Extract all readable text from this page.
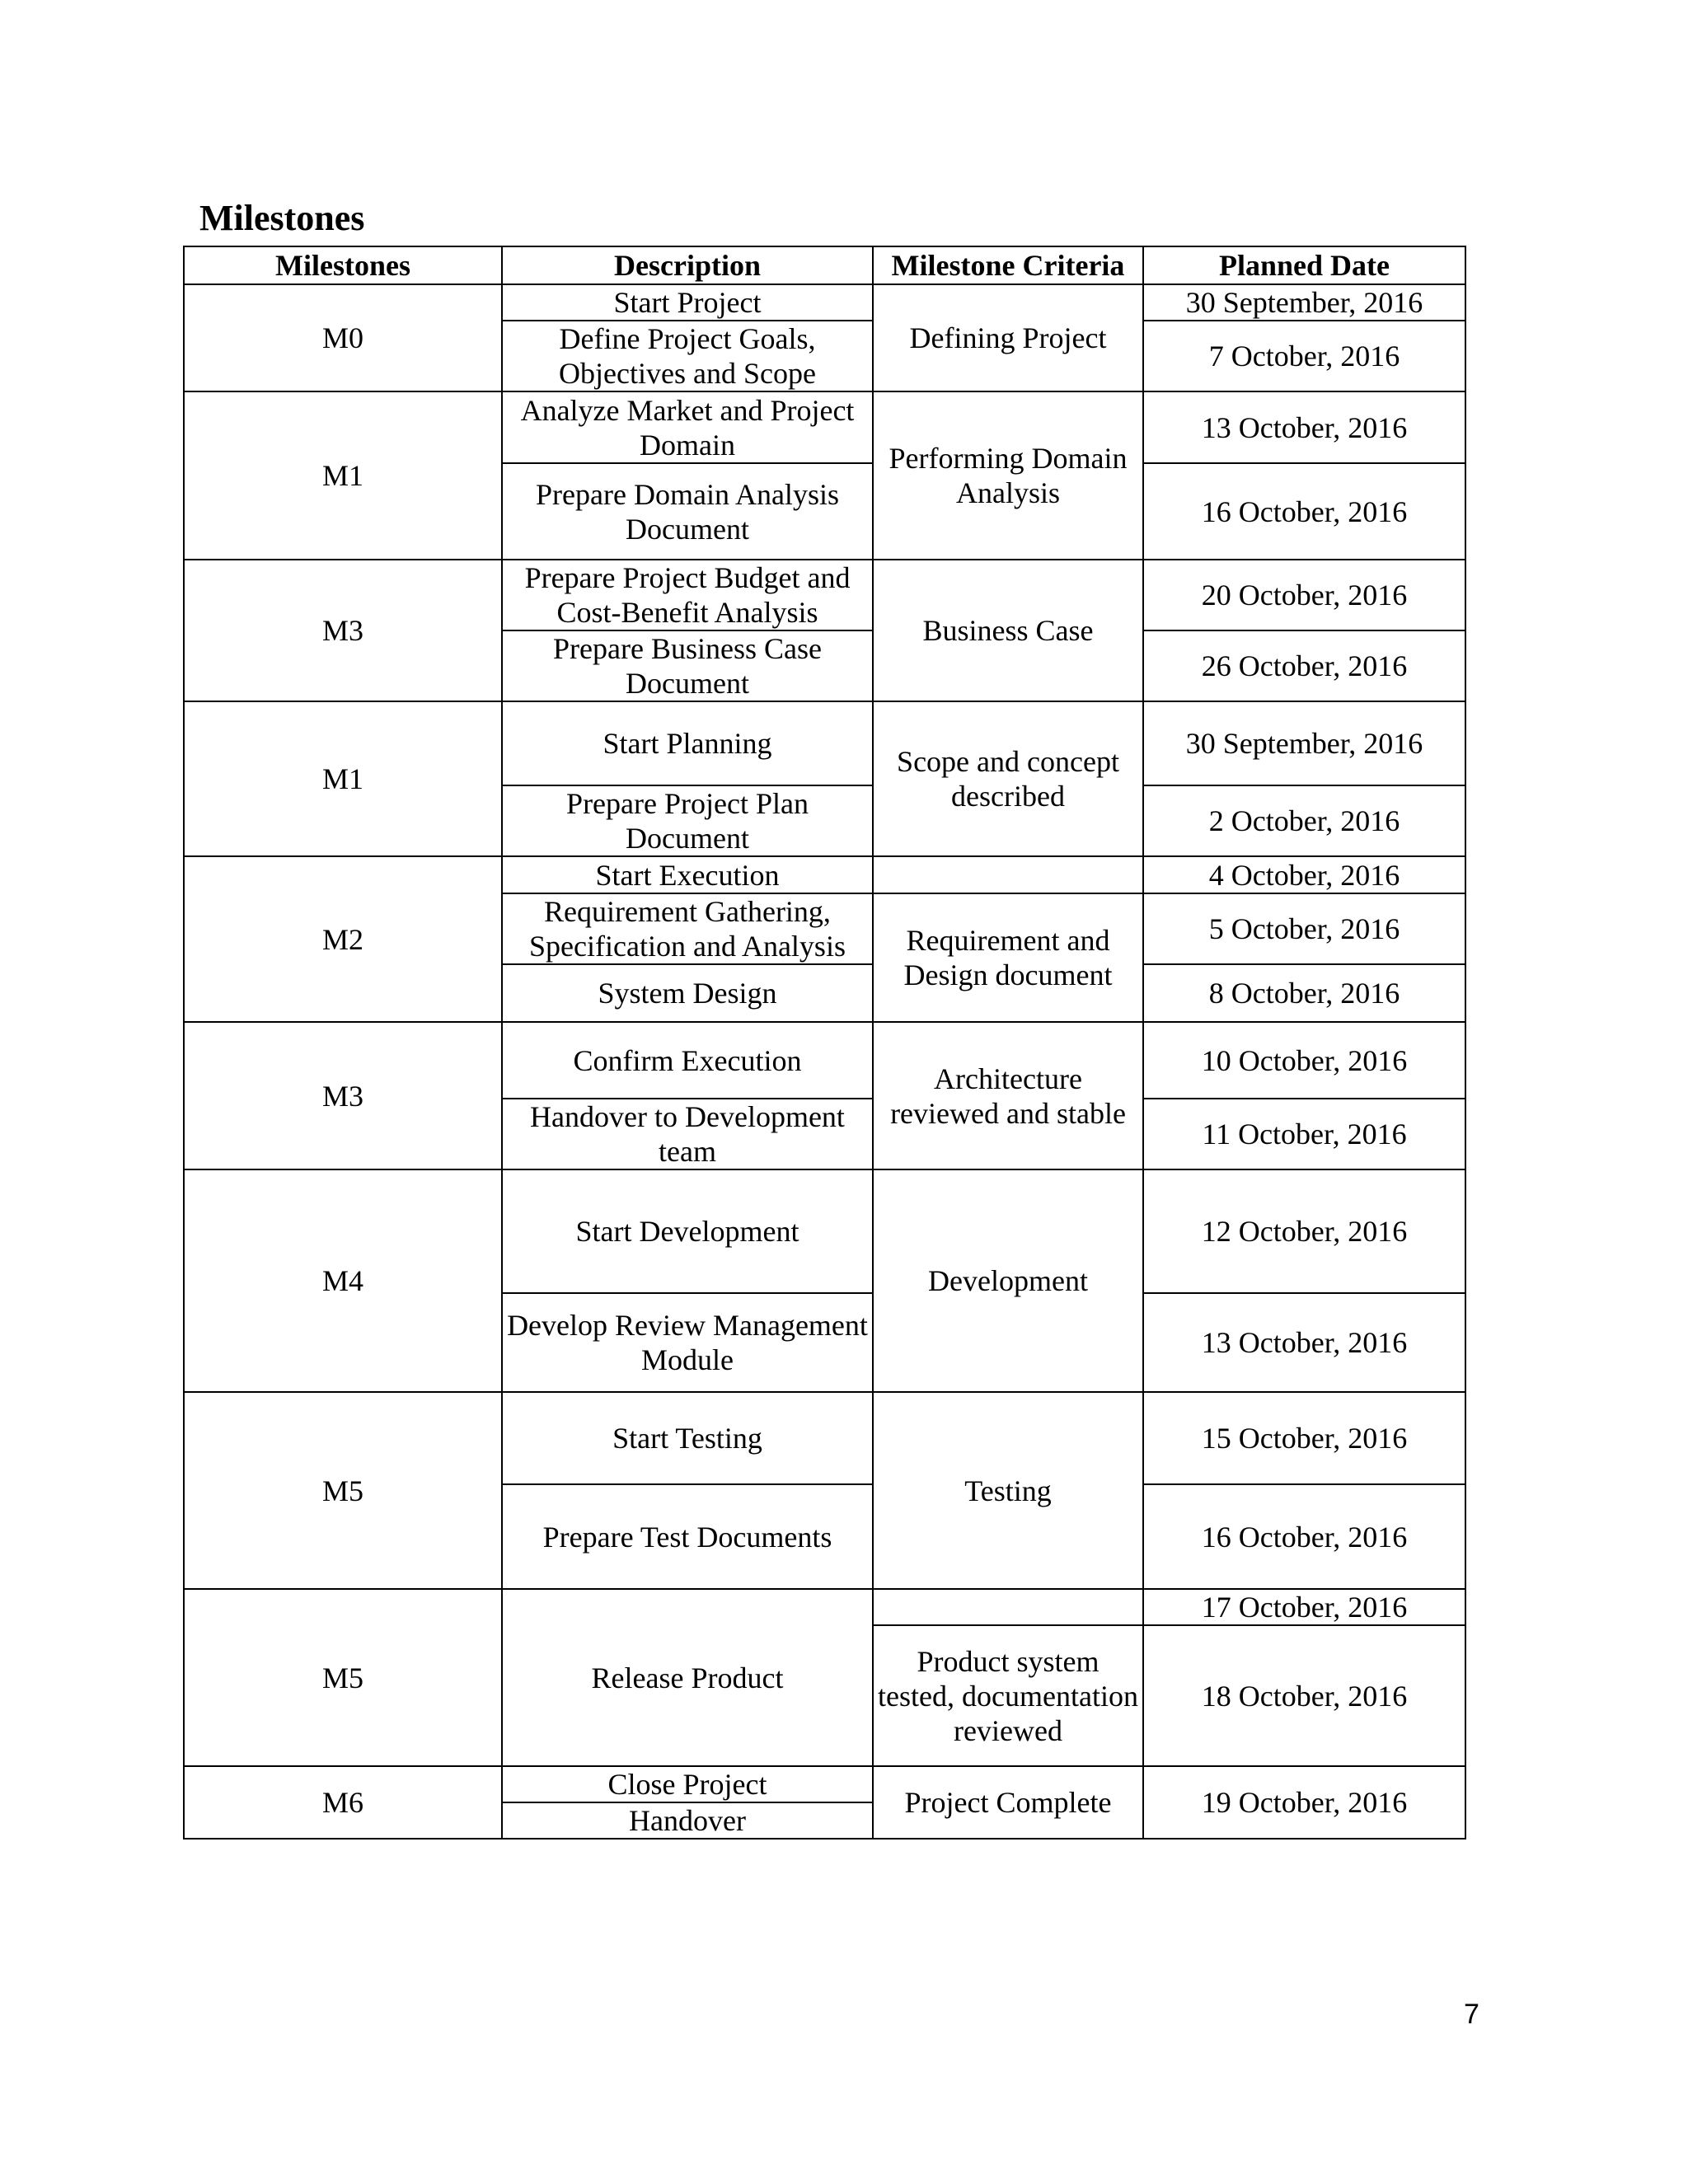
Milestones
Milestones	Description	Milestone Criteria	Planned Date
M0	Start Project	Defining Project	30 September, 2016
	Define Project Goals, Objectives and Scope		7 October, 2016
M1	Analyze Market and Project Domain	Performing Domain Analysis	13 October, 2016
	Prepare Domain Analysis Document		16 October, 2016
M3	Prepare Project Budget and Cost-Benefit Analysis	Business Case	20 October, 2016
	Prepare Business Case Document		26 October, 2016
M1	Start Planning	Scope and concept described	30 September, 2016
	Prepare Project Plan Document		2 October, 2016
M2	Start Execution		4 October, 2016
	Requirement Gathering, Specification and Analysis	Requirement and Design document	5 October, 2016
	System Design		8 October, 2016
M3	Confirm Execution	Architecture reviewed and stable	10 October, 2016
	Handover to Development team		11 October, 2016
M4	Start Development	Development	12 October, 2016
	Develop Review Management Module		13 October, 2016
M5	Start Testing	Testing	15 October, 2016
	Prepare Test Documents		16 October, 2016
M5	Release Product		17 October, 2016
		Product system tested, documentation reviewed	18 October, 2016
M6	Close Project	Project Complete	19 October, 2016
	Handover		
7
